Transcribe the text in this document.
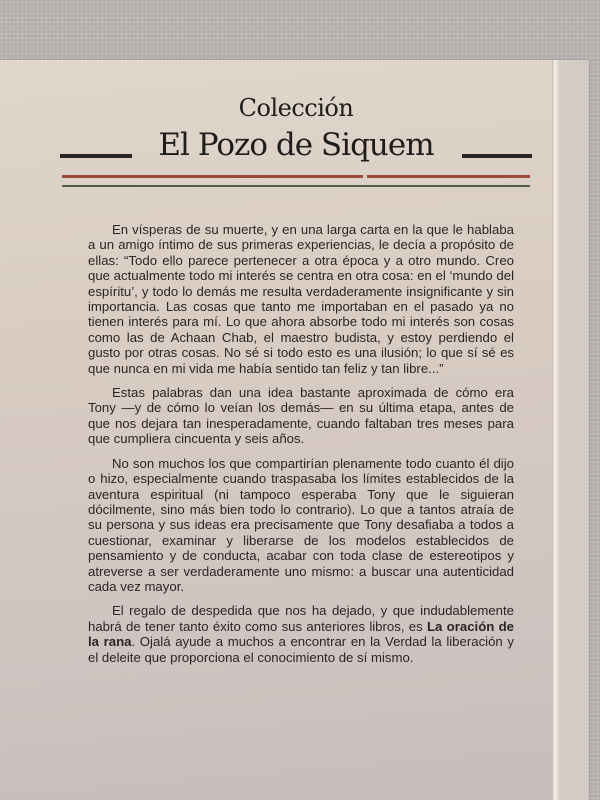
Colección
El Pozo de Siquem

En vísperas de su muerte, y en una larga carta en la que le hablaba a un amigo íntimo de sus primeras experiencias, le decía a propósito de ellas: “Todo ello parece pertenecer a otra época y a otro mundo. Creo que actualmente todo mi interés se centra en otra cosa: en el ‘mundo del espíritu’, y todo lo demás me resulta verdaderamente insignificante y sin importancia. Las cosas que tanto me importaban en el pasado ya no tienen interés para mí. Lo que ahora absorbe todo mi interés son cosas como las de Achaan Chab, el maestro budista, y estoy perdiendo el gusto por otras cosas. No sé si todo esto es una ilusión; lo que sí sé es que nunca en mi vida me había sentido tan feliz y tan libre...”

Estas palabras dan una idea bastante aproximada de cómo era Tony —y de cómo lo veían los demás— en su última etapa, antes de que nos dejara tan inesperadamente, cuando faltaban tres meses para que cumpliera cincuenta y seis años.

No son muchos los que compartirían plenamente todo cuanto él dijo o hizo, especialmente cuando traspasaba los límites establecidos de la aventura espiritual (ni tampoco esperaba Tony que le siguieran dócilmente, sino más bien todo lo contrario). Lo que a tantos atraía de su persona y sus ideas era precisamente que Tony desafiaba a todos a cuestionar, examinar y liberarse de los modelos establecidos de pensamiento y de conducta, acabar con toda clase de estereotipos y atreverse a ser verdaderamente uno mismo: a buscar una autenticidad cada vez mayor.

El regalo de despedida que nos ha dejado, y que indudablemente habrá de tener tanto éxito como sus anteriores libros, es La oración de la rana. Ojalá ayude a muchos a encontrar en la Verdad la liberación y el deleite que proporciona el conocimiento de sí mismo.
